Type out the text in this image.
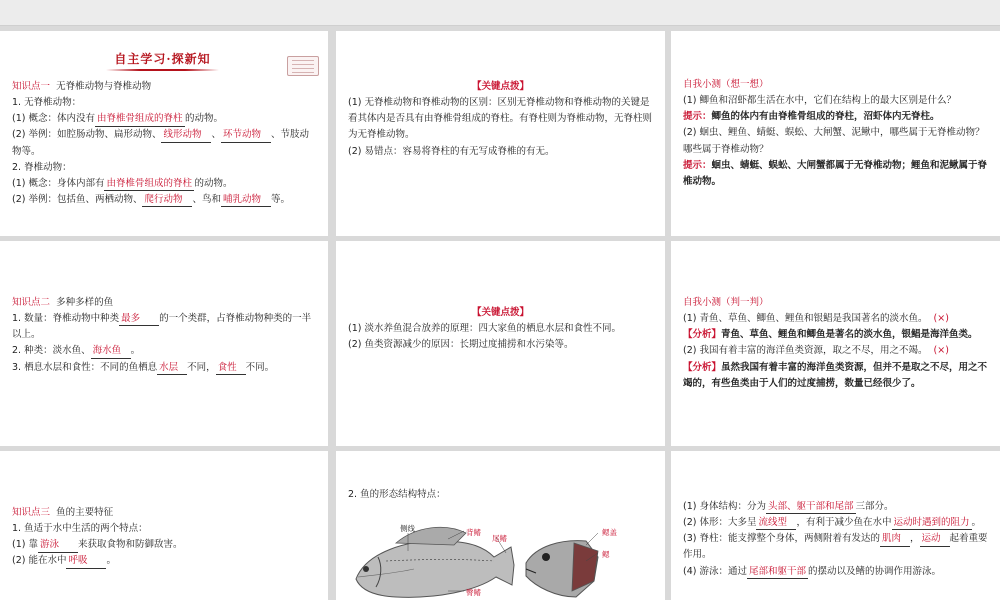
自主学习·探新知
知识点一 无脊椎动物与脊椎动物
1. 无脊椎动物：
(1) 概念：体内没有 由脊椎骨组成的脊柱 的动物。
(2) 举例：如腔肠动物、扁形动物、 线形动物 、 环节动物 、节肢动物等。
2. 脊椎动物：
(1) 概念：身体内部有 由脊椎骨组成的脊柱 的动物。
(2) 举例：包括鱼、两栖动物、 爬行动物 、鸟和 哺乳动物 等。
【关键点拨】
(1) 无脊椎动物和脊椎动物的区别：区别无脊椎动物和脊椎动物的关键是看其体内是否具有由脊椎骨组成的脊柱。有脊柱则为脊椎动物，无脊柱则为无脊椎动物。
(2) 易错点：容易将脊柱的有无写成脊椎的有无。
自我小测（想一想）
(1) 鲫鱼和沼虾都生活在水中，它们在结构上的最大区别是什么？
提示：鲫鱼的体内有由脊椎骨组成的脊柱，沼虾体内无脊柱。
(2) 蛔虫、鲤鱼、蜻蜓、蜈蚣、大闸蟹、泥鳅中，哪些属于无脊椎动物？哪些属于脊椎动物？
提示：蛔虫、蜻蜓、蜈蚣、大闸蟹都属于无脊椎动物；鲤鱼和泥鳅属于脊椎动物。
知识点二 多种多样的鱼
1. 数量：脊椎动物中种类 最多 的一个类群，占脊椎动物种类的一半以上。
2. 种类：淡水鱼、 海水鱼 。
3. 栖息水层和食性：不同的鱼栖息 水层 不同， 食性 不同。
【关键点拨】
(1) 淡水养鱼混合放养的原理：四大家鱼的栖息水层和食性不同。
(2) 鱼类资源减少的原因：长期过度捕捞和水污染等。
自我小测（判一判）
(1) 青鱼、草鱼、鲫鱼、鲤鱼和银鲳是我国著名的淡水鱼。 (×)
【分析】青鱼、草鱼、鲤鱼和鲫鱼是著名的淡水鱼，银鲳是海洋鱼类。
(2) 我国有着丰富的海洋鱼类资源，取之不尽，用之不竭。 (×)
【分析】虽然我国有着丰富的海洋鱼类资源，但并不是取之不尽，用之不竭的，有些鱼类由于人们的过度捕捞，数量已经很少了。
知识点三 鱼的主要特征
1. 鱼适于水中生活的两个特点：
(1) 靠 游泳 来获取食物和防御敌害。
(2) 能在水中 呼吸 。
2. 鱼的形态结构特点：
侧线	背鳍
尾鳍
臀鳍
鳃盖
鳃
(1) 身体结构：分为 头部、躯干部和尾部 三部分。
(2) 体形：大多呈 流线型 ，有利于减少鱼在水中 运动时遇到的阻力 。
(3) 脊柱：能支撑整个身体，两侧附着有发达的 肌肉 ， 运动 起着重要作用。
(4) 游泳：通过 尾部和躯干部 的摆动以及鳍的协调作用游泳。
